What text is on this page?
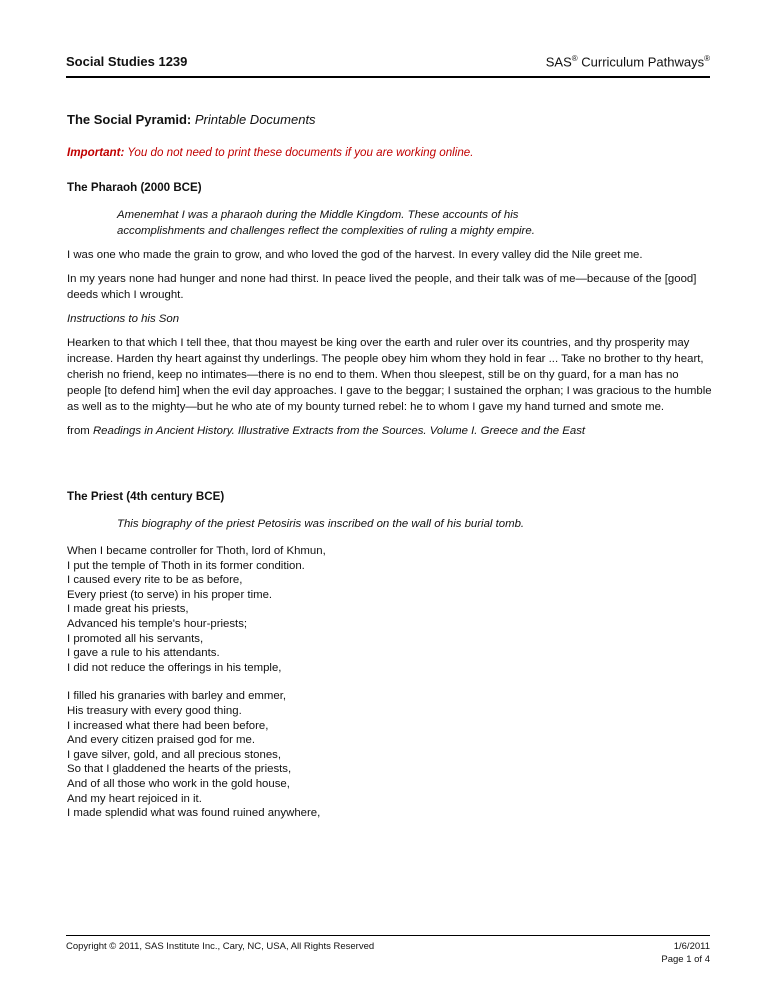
Social Studies 1239	SAS® Curriculum Pathways®
The Social Pyramid: Printable Documents
Important: You do not need to print these documents if you are working online.
The Pharaoh (2000 BCE)
Amenemhat I was a pharaoh during the Middle Kingdom. These accounts of his accomplishments and challenges reflect the complexities of ruling a mighty empire.

I was one who made the grain to grow, and who loved the god of the harvest. In every valley did the Nile greet me.

In my years none had hunger and none had thirst. In peace lived the people, and their talk was of me—because of the [good] deeds which I wrought.

Instructions to his Son

Hearken to that which I tell thee, that thou mayest be king over the earth and ruler over its countries, and thy prosperity may increase. Harden thy heart against thy underlings. The people obey him whom they hold in fear ... Take no brother to thy heart, cherish no friend, keep no intimates—there is no end to them. When thou sleepest, still be on thy guard, for a man has no people [to defend him] when the evil day approaches. I gave to the beggar; I sustained the orphan; I was gracious to the humble as well as to the mighty—but he who ate of my bounty turned rebel: he to whom I gave my hand turned and smote me.

from Readings in Ancient History. Illustrative Extracts from the Sources. Volume I. Greece and the East

The Priest (4th century BCE)
This biography of the priest Petosiris was inscribed on the wall of his burial tomb.
When I became controller for Thoth, lord of Khmun,
I put the temple of Thoth in its former condition.
I caused every rite to be as before,
Every priest (to serve) in his proper time.
I made great his priests,
Advanced his temple's hour-priests;
I promoted all his servants,
I gave a rule to his attendants.
I did not reduce the offerings in his temple,
I filled his granaries with barley and emmer,
His treasury with every good thing.
I increased what there had been before,
And every citizen praised god for me.
I gave silver, gold, and all precious stones,
So that I gladdened the hearts of the priests,
And of all those who work in the gold house,
And my heart rejoiced in it.
I made splendid what was found ruined anywhere,
Copyright © 2011, SAS Institute Inc., Cary, NC, USA, All Rights Reserved	1/6/2011
Page 1 of 4
